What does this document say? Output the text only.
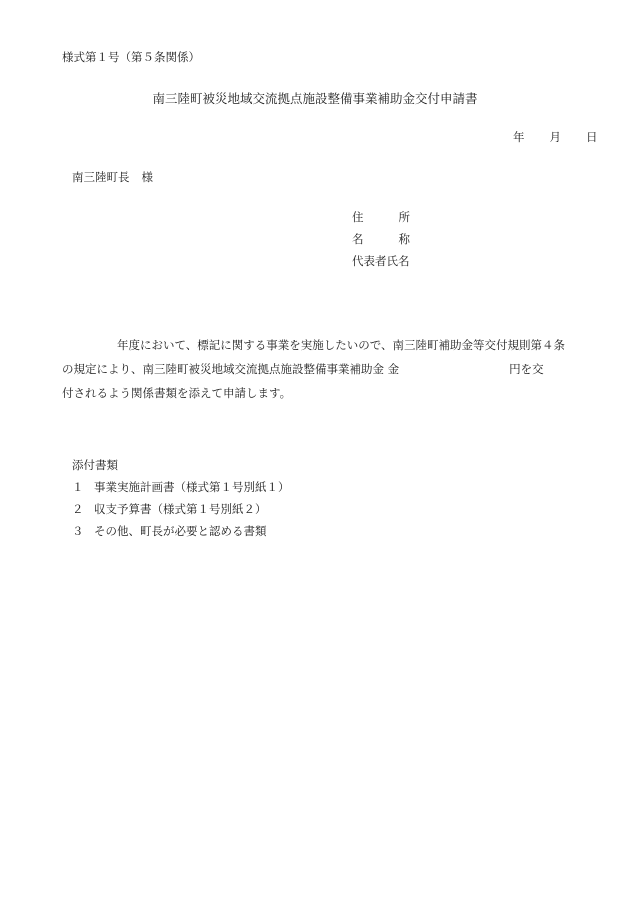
様式第１号（第５条関係）
南三陸町被災地域交流拠点施設整備事業補助金交付申請書
年 月 日
南三陸町長 様
住　所
名　称
代表者氏名
年度において、標記に関する事業を実施したいので、南三陸町補助金等交付規則第４条
の規定により、南三陸町被災地域交流拠点施設整備事業補助金 金	円を交
付されるよう関係書類を添えて申請します。
添付書類
１ 事業実施計画書（様式第１号別紙１）
２ 収支予算書（様式第１号別紙２）
３ その他、町長が必要と認める書類
